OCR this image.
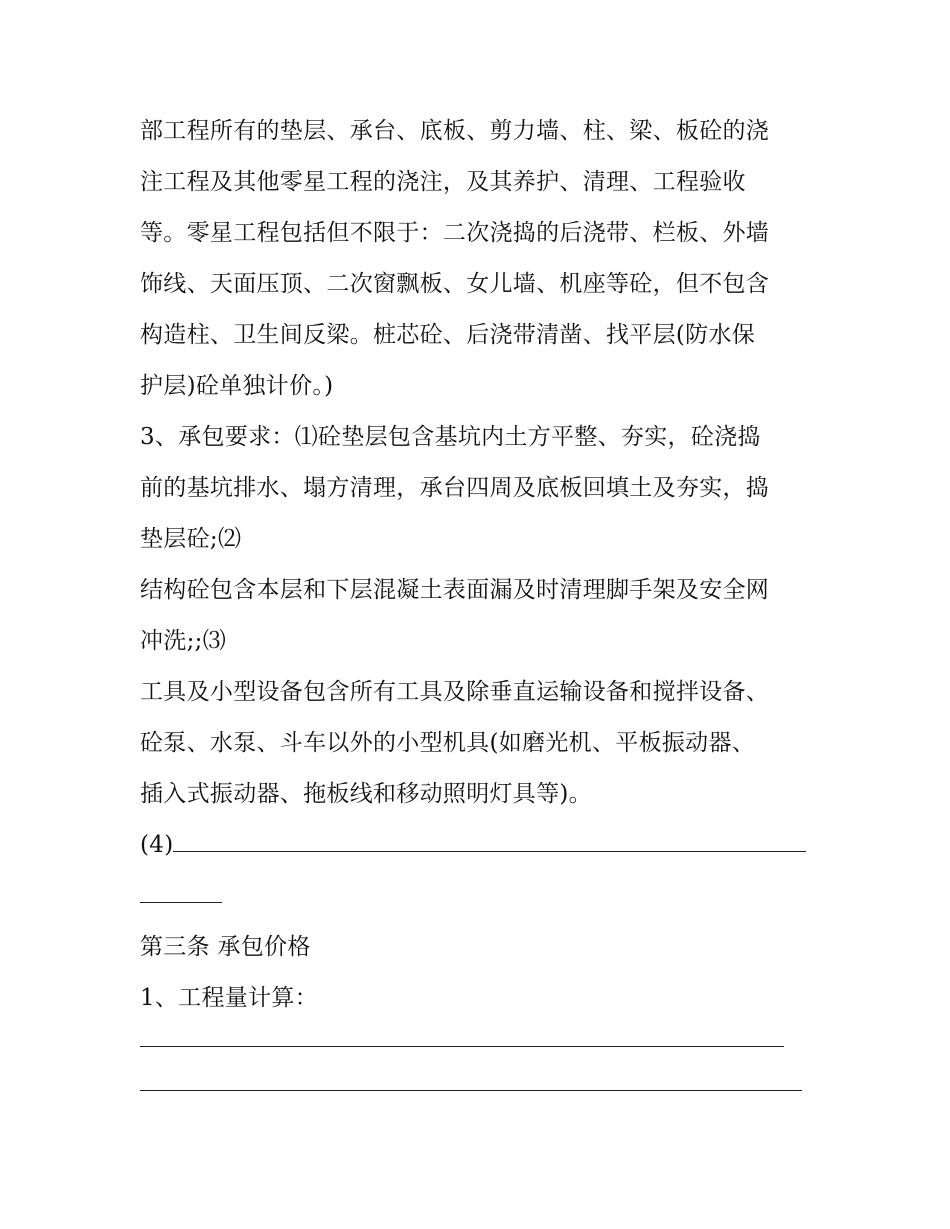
部工程所有的垫层、承台、底板、剪力墙、柱、梁、板砼的浇
注工程及其他零星工程的浇注，及其养护、清理、工程验收
等。零星工程包括但不限于：二次浇捣的后浇带、栏板、外墙
饰线、天面压顶、二次窗飘板、女儿墙、机座等砼，但不包含
构造柱、卫生间反梁。桩芯砼、后浇带清凿、找平层(防水保
护层)砼单独计价。)
3、承包要求：⑴砼垫层包含基坑内土方平整、夯实，砼浇捣
前的基坑排水、塌方清理，承台四周及底板回填土及夯实，捣
垫层砼;⑵
结构砼包含本层和下层混凝土表面漏及时清理脚手架及安全网
冲洗;;⑶
工具及小型设备包含所有工具及除垂直运输设备和搅拌设备、
砼泵、水泵、斗车以外的小型机具(如磨光机、平板振动器、
插入式振动器、拖板线和移动照明灯具等)。
(4)
第三条 承包价格
1、工程量计算：
